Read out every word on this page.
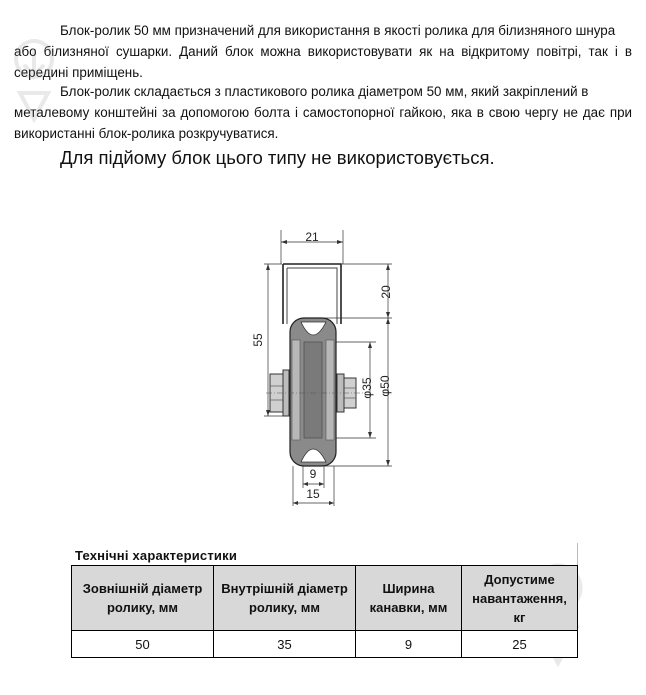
Блок-ролик 50 мм призначений для використання в якості ролика для білизняного шнура
або білизняної сушарки. Даний блок можна використовувати як на відкритому повітрі, так і в середині приміщень.

Блок-ролик складається з пластикового ролика діаметром 50 мм, який закріплений в
металевому конштейні за допомогою болта і самостопорної гайкою, яка в свою чергу не дає при використанні блок-ролика розкручуватися.

Для підйому блок цього типу не використовується.

21
20
φ35 φ50
55
9
15

Технічні характеристики

Зовнішній діаметр ролику, мм	Внутрішній діаметр ролику, мм	Ширина канавки, мм	Допустиме навантаження, кг
50	35	9	25
